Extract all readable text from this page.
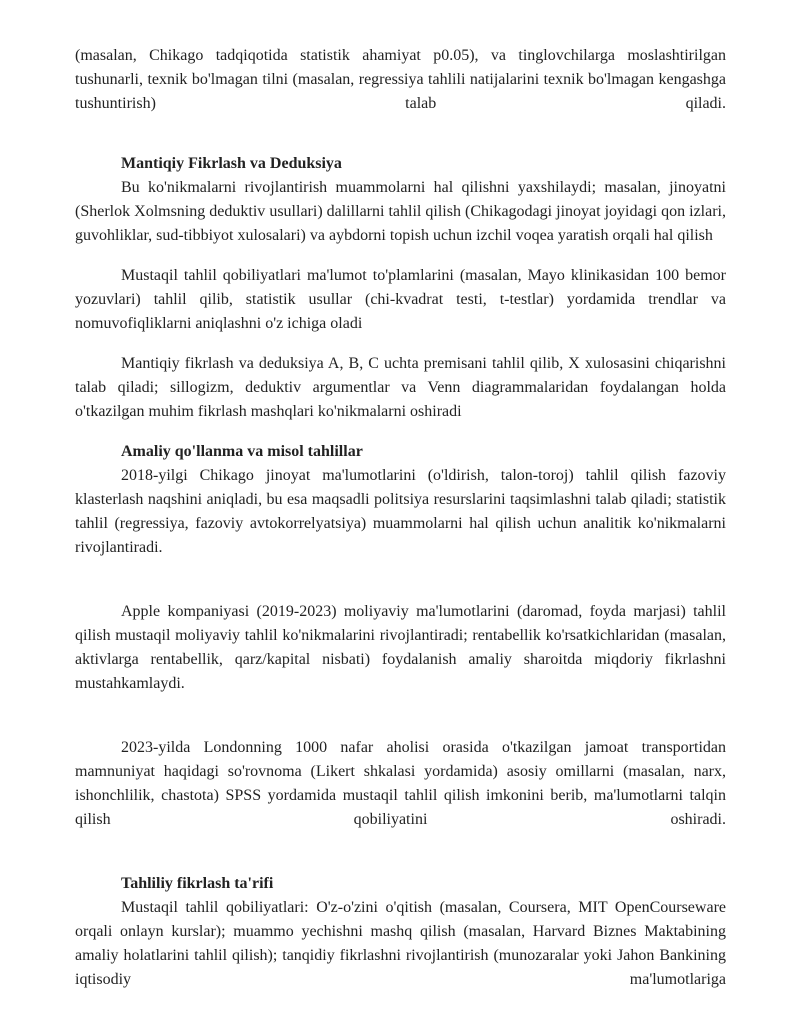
(masalan, Chikago tadqiqotida statistik ahamiyat p0.05), va tinglovchilarga moslashtirilgan tushunarli, texnik bo'lmagan tilni (masalan, regressiya tahlili natijalarini texnik bo'lmagan kengashga tushuntirish) talab qiladi.

Mantiqiy Fikrlash va Deduksiya

Bu ko'nikmalarni rivojlantirish muammolarni hal qilishni yaxshilaydi; masalan, jinoyatni (Sherlok Xolmsning deduktiv usullari) dalillarni tahlil qilish (Chikagodagi jinoyat joyidagi qon izlari, guvohliklar, sud-tibbiyot xulosalari) va aybdorni topish uchun izchil voqea yaratish orqali hal qilish

Mustaqil tahlil qobiliyatlari ma'lumot to'plamlarini (masalan, Mayo klinikasidan 100 bemor yozuvlari) tahlil qilib, statistik usullar (chi-kvadrat testi, t-testlar) yordamida trendlar va nomuvofiqliklarni aniqlashni o'z ichiga oladi

Mantiqiy fikrlash va deduksiya A, B, C uchta premisani tahlil qilib, X xulosasini chiqarishni talab qiladi; sillogizm, deduktiv argumentlar va Venn diagrammalaridan foydalangan holda o'tkazilgan muhim fikrlash mashqlari ko'nikmalarni oshiradi

Amaliy qo'llanma va misol tahlillar

2018-yilgi Chikago jinoyat ma'lumotlarini (o'ldirish, talon-toroj) tahlil qilish fazoviy klasterlash naqshini aniqladi, bu esa maqsadli politsiya resurslarini taqsimlashni talab qiladi; statistik tahlil (regressiya, fazoviy avtokorrelyatsiya) muammolarni hal qilish uchun analitik ko'nikmalarni rivojlantiradi.

Apple kompaniyasi (2019-2023) moliyaviy ma'lumotlarini (daromad, foyda marjasi) tahlil qilish mustaqil moliyaviy tahlil ko'nikmalarini rivojlantiradi; rentabellik ko'rsatkichlaridan (masalan, aktivlarga rentabellik, qarz/kapital nisbati) foydalanish amaliy sharoitda miqdoriy fikrlashni mustahkamlaydi.

2023-yilda Londonning 1000 nafar aholisi orasida o'tkazilgan jamoat transportidan mamnuniyat haqidagi so'rovnoma (Likert shkalasi yordamida) asosiy omillarni (masalan, narx, ishonchlilik, chastota) SPSS yordamida mustaqil tahlil qilish imkonini berib, ma'lumotlarni talqin qilish qobiliyatini oshiradi.

Tahliliy fikrlash ta'rifi

Mustaqil tahlil qobiliyatlari: O'z-o'zini o'qitish (masalan, Coursera, MIT OpenCourseware orqali onlayn kurslar); muammo yechishni mashq qilish (masalan, Harvard Biznes Maktabining amaliy holatlarini tahlil qilish); tanqidiy fikrlashni rivojlantirish (munozaralar yoki Jahon Bankining iqtisodiy ma'lumotlariga
